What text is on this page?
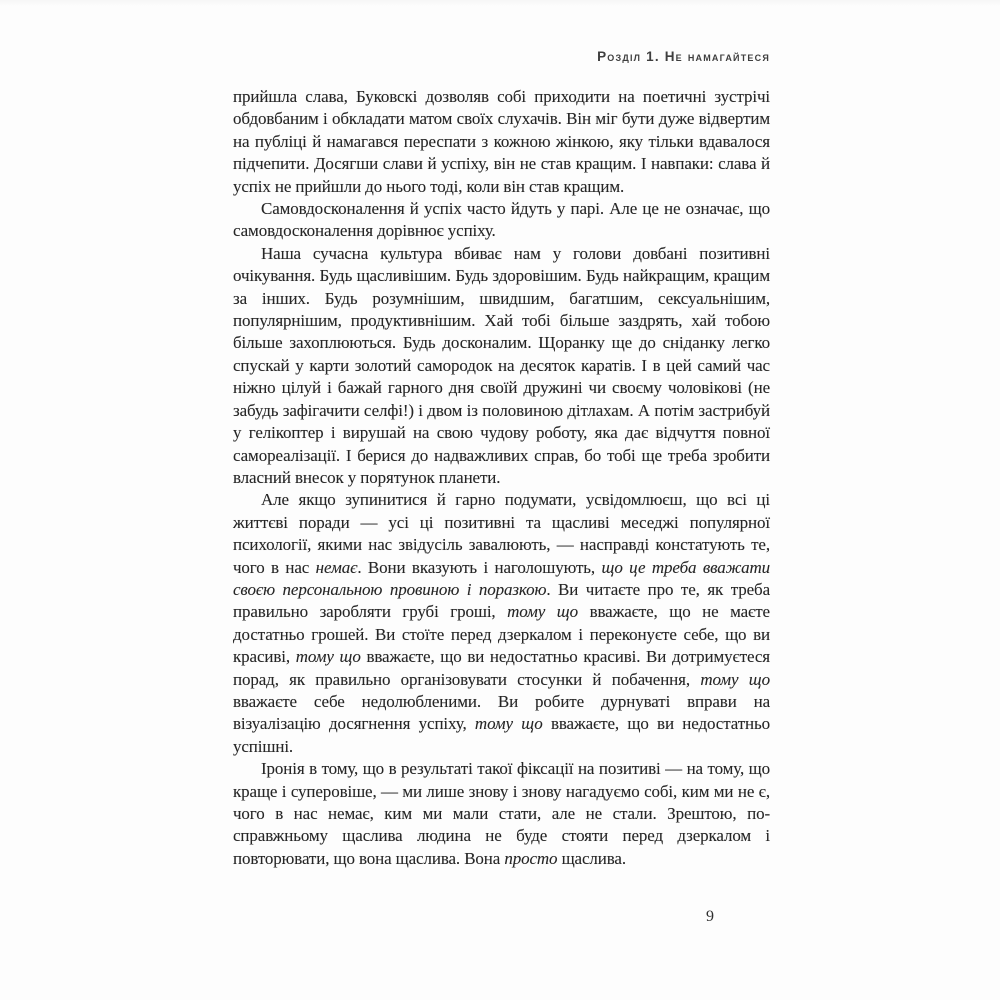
Розділ 1. Не намагайтеся

прийшла слава, Буковскі дозволяв собі приходити на поетичні зустрічі обдовбаним і обкладати матом своїх слухачів. Він міг бути дуже відвертим на публіці й намагався переспати з кожною жінкою, яку тільки вдавалося підчепити. Досягши слави й успіху, він не став кращим. І навпаки: слава й успіх не прийшли до нього тоді, коли він став кращим.

Самовдосконалення й успіх часто йдуть у парі. Але це не означає, що самовдосконалення дорівнює успіху.

Наша сучасна культура вбиває нам у голови довбані позитивні очікування. Будь щасливішим. Будь здоровішим. Будь найкращим, кращим за інших. Будь розумнішим, швидшим, багатшим, сексуальнішим, популярнішим, продуктивнішим. Хай тобі більше заздрять, хай тобою більше захоплюються. Будь досконалим. Щоранку ще до сніданку легко спускай у карти золотий самородок на десяток каратів. І в цей самий час ніжно цілуй і бажай гарного дня своїй дружині чи своєму чоловікові (не забудь зафігачити селфі!) і двом із половиною дітлахам. А потім застрибуй у гелікоптер і вирушай на свою чудову роботу, яка дає відчуття повної самореалізації. І берися до надважливих справ, бо тобі ще треба зробити власний внесок у порятунок планети.

Але якщо зупинитися й гарно подумати, усвідомлюєш, що всі ці життєві поради — усі ці позитивні та щасливі меседжі популярної психології, якими нас звідусіль завалюють, — насправді констатують те, чого в нас немає. Вони вказують і наголошують, що це треба вважати своєю персональною провиною і поразкою. Ви читаєте про те, як треба правильно заробляти грубі гроші, тому що вважаєте, що не маєте достатньо грошей. Ви стоїте перед дзеркалом і переконуєте себе, що ви красиві, тому що вважаєте, що ви недостатньо красиві. Ви дотримуєтеся порад, як правильно організовувати стосунки й побачення, тому що вважаєте себе недолюбленими. Ви робите дурнуваті вправи на візуалізацію досягнення успіху, тому що вважаєте, що ви недостатньо успішні.

Іронія в тому, що в результаті такої фіксації на позитиві — на тому, що краще і суперовіше, — ми лише знову і знову нагадуємо собі, ким ми не є, чого в нас немає, ким ми мали стати, але не стали. Зрештою, по-справжньому щаслива людина не буде стояти перед дзеркалом і повторювати, що вона щаслива. Вона просто щаслива.

9
